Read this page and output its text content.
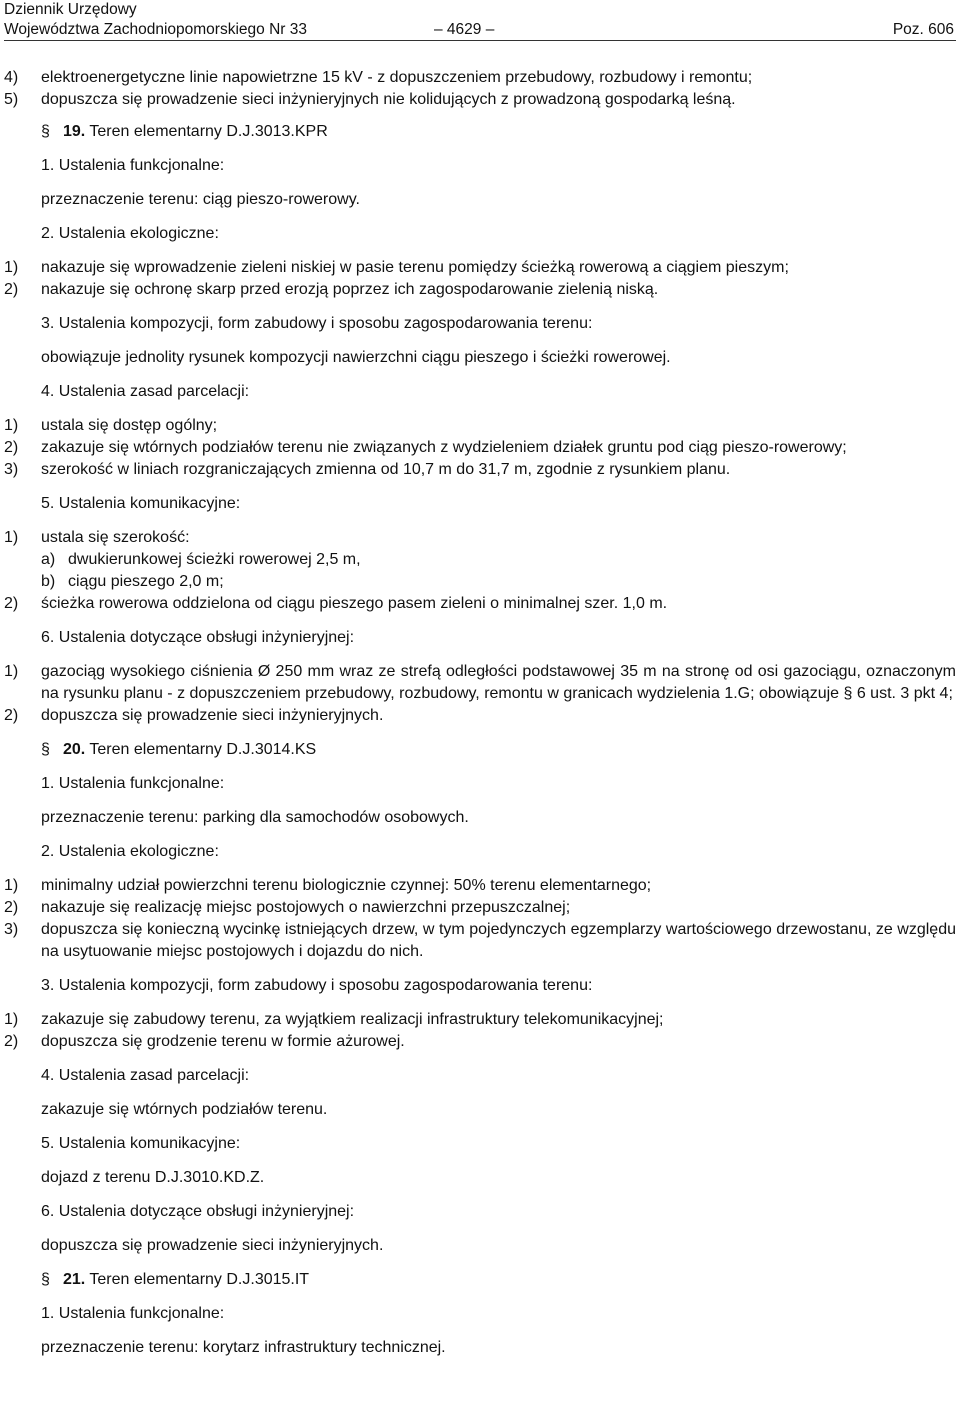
Dziennik Urzędowy
Województwa Zachodniopomorskiego Nr 33	– 4629 –	Poz. 606

4) elektroenergetyczne linie napowietrzne 15 kV - z dopuszczeniem przebudowy, rozbudowy i remontu;

5) dopuszcza się prowadzenie sieci inżynieryjnych nie kolidujących z prowadzoną gospodarką leśną.

§ 19. Teren elementarny D.J.3013.KPR

1. Ustalenia funkcjonalne:

przeznaczenie terenu: ciąg pieszo-rowerowy.

2. Ustalenia ekologiczne:

1) nakazuje się wprowadzenie zieleni niskiej w pasie terenu pomiędzy ścieżką rowerową a ciągiem pieszym;

2) nakazuje się ochronę skarp przed erozją poprzez ich zagospodarowanie zielenią niską.

3. Ustalenia kompozycji, form zabudowy i sposobu zagospodarowania terenu:

obowiązuje jednolity rysunek kompozycji nawierzchni ciągu pieszego i ścieżki rowerowej.

4. Ustalenia zasad parcelacji:

1) ustala się dostęp ogólny;

2) zakazuje się wtórnych podziałów terenu nie związanych z wydzieleniem działek gruntu pod ciąg pieszo-rowerowy;

3) szerokość w liniach rozgraniczających zmienna od 10,7 m do 31,7 m, zgodnie z rysunkiem planu.

5. Ustalenia komunikacyjne:

1) ustala się szerokość:

a) dwukierunkowej ścieżki rowerowej 2,5 m,

b) ciągu pieszego 2,0 m;

2) ścieżka rowerowa oddzielona od ciągu pieszego pasem zieleni o minimalnej szer. 1,0 m.

6. Ustalenia dotyczące obsługi inżynieryjnej:

1) gazociąg wysokiego ciśnienia Ø 250 mm wraz ze strefą odległości podstawowej 35 m na stronę od osi gazociągu, oznaczonym na rysunku planu - z dopuszczeniem przebudowy, rozbudowy, remontu w granicach wydzielenia 1.G; obowiązuje § 6 ust. 3 pkt 4;

2) dopuszcza się prowadzenie sieci inżynieryjnych.

§ 20. Teren elementarny D.J.3014.KS

1. Ustalenia funkcjonalne:

przeznaczenie terenu: parking dla samochodów osobowych.

2. Ustalenia ekologiczne:

1) minimalny udział powierzchni terenu biologicznie czynnej: 50% terenu elementarnego;

2) nakazuje się realizację miejsc postojowych o nawierzchni przepuszczalnej;

3) dopuszcza się konieczną wycinkę istniejących drzew, w tym pojedynczych egzemplarzy wartościowego drzewostanu, ze względu na usytuowanie miejsc postojowych i dojazdu do nich.

3. Ustalenia kompozycji, form zabudowy i sposobu zagospodarowania terenu:

1) zakazuje się zabudowy terenu, za wyjątkiem realizacji infrastruktury telekomunikacyjnej;

2) dopuszcza się grodzenie terenu w formie ażurowej.

4. Ustalenia zasad parcelacji:

zakazuje się wtórnych podziałów terenu.

5. Ustalenia komunikacyjne:

dojazd z terenu D.J.3010.KD.Z.

6. Ustalenia dotyczące obsługi inżynieryjnej:

dopuszcza się prowadzenie sieci inżynieryjnych.

§ 21. Teren elementarny D.J.3015.IT

1. Ustalenia funkcjonalne:

przeznaczenie terenu: korytarz infrastruktury technicznej.
